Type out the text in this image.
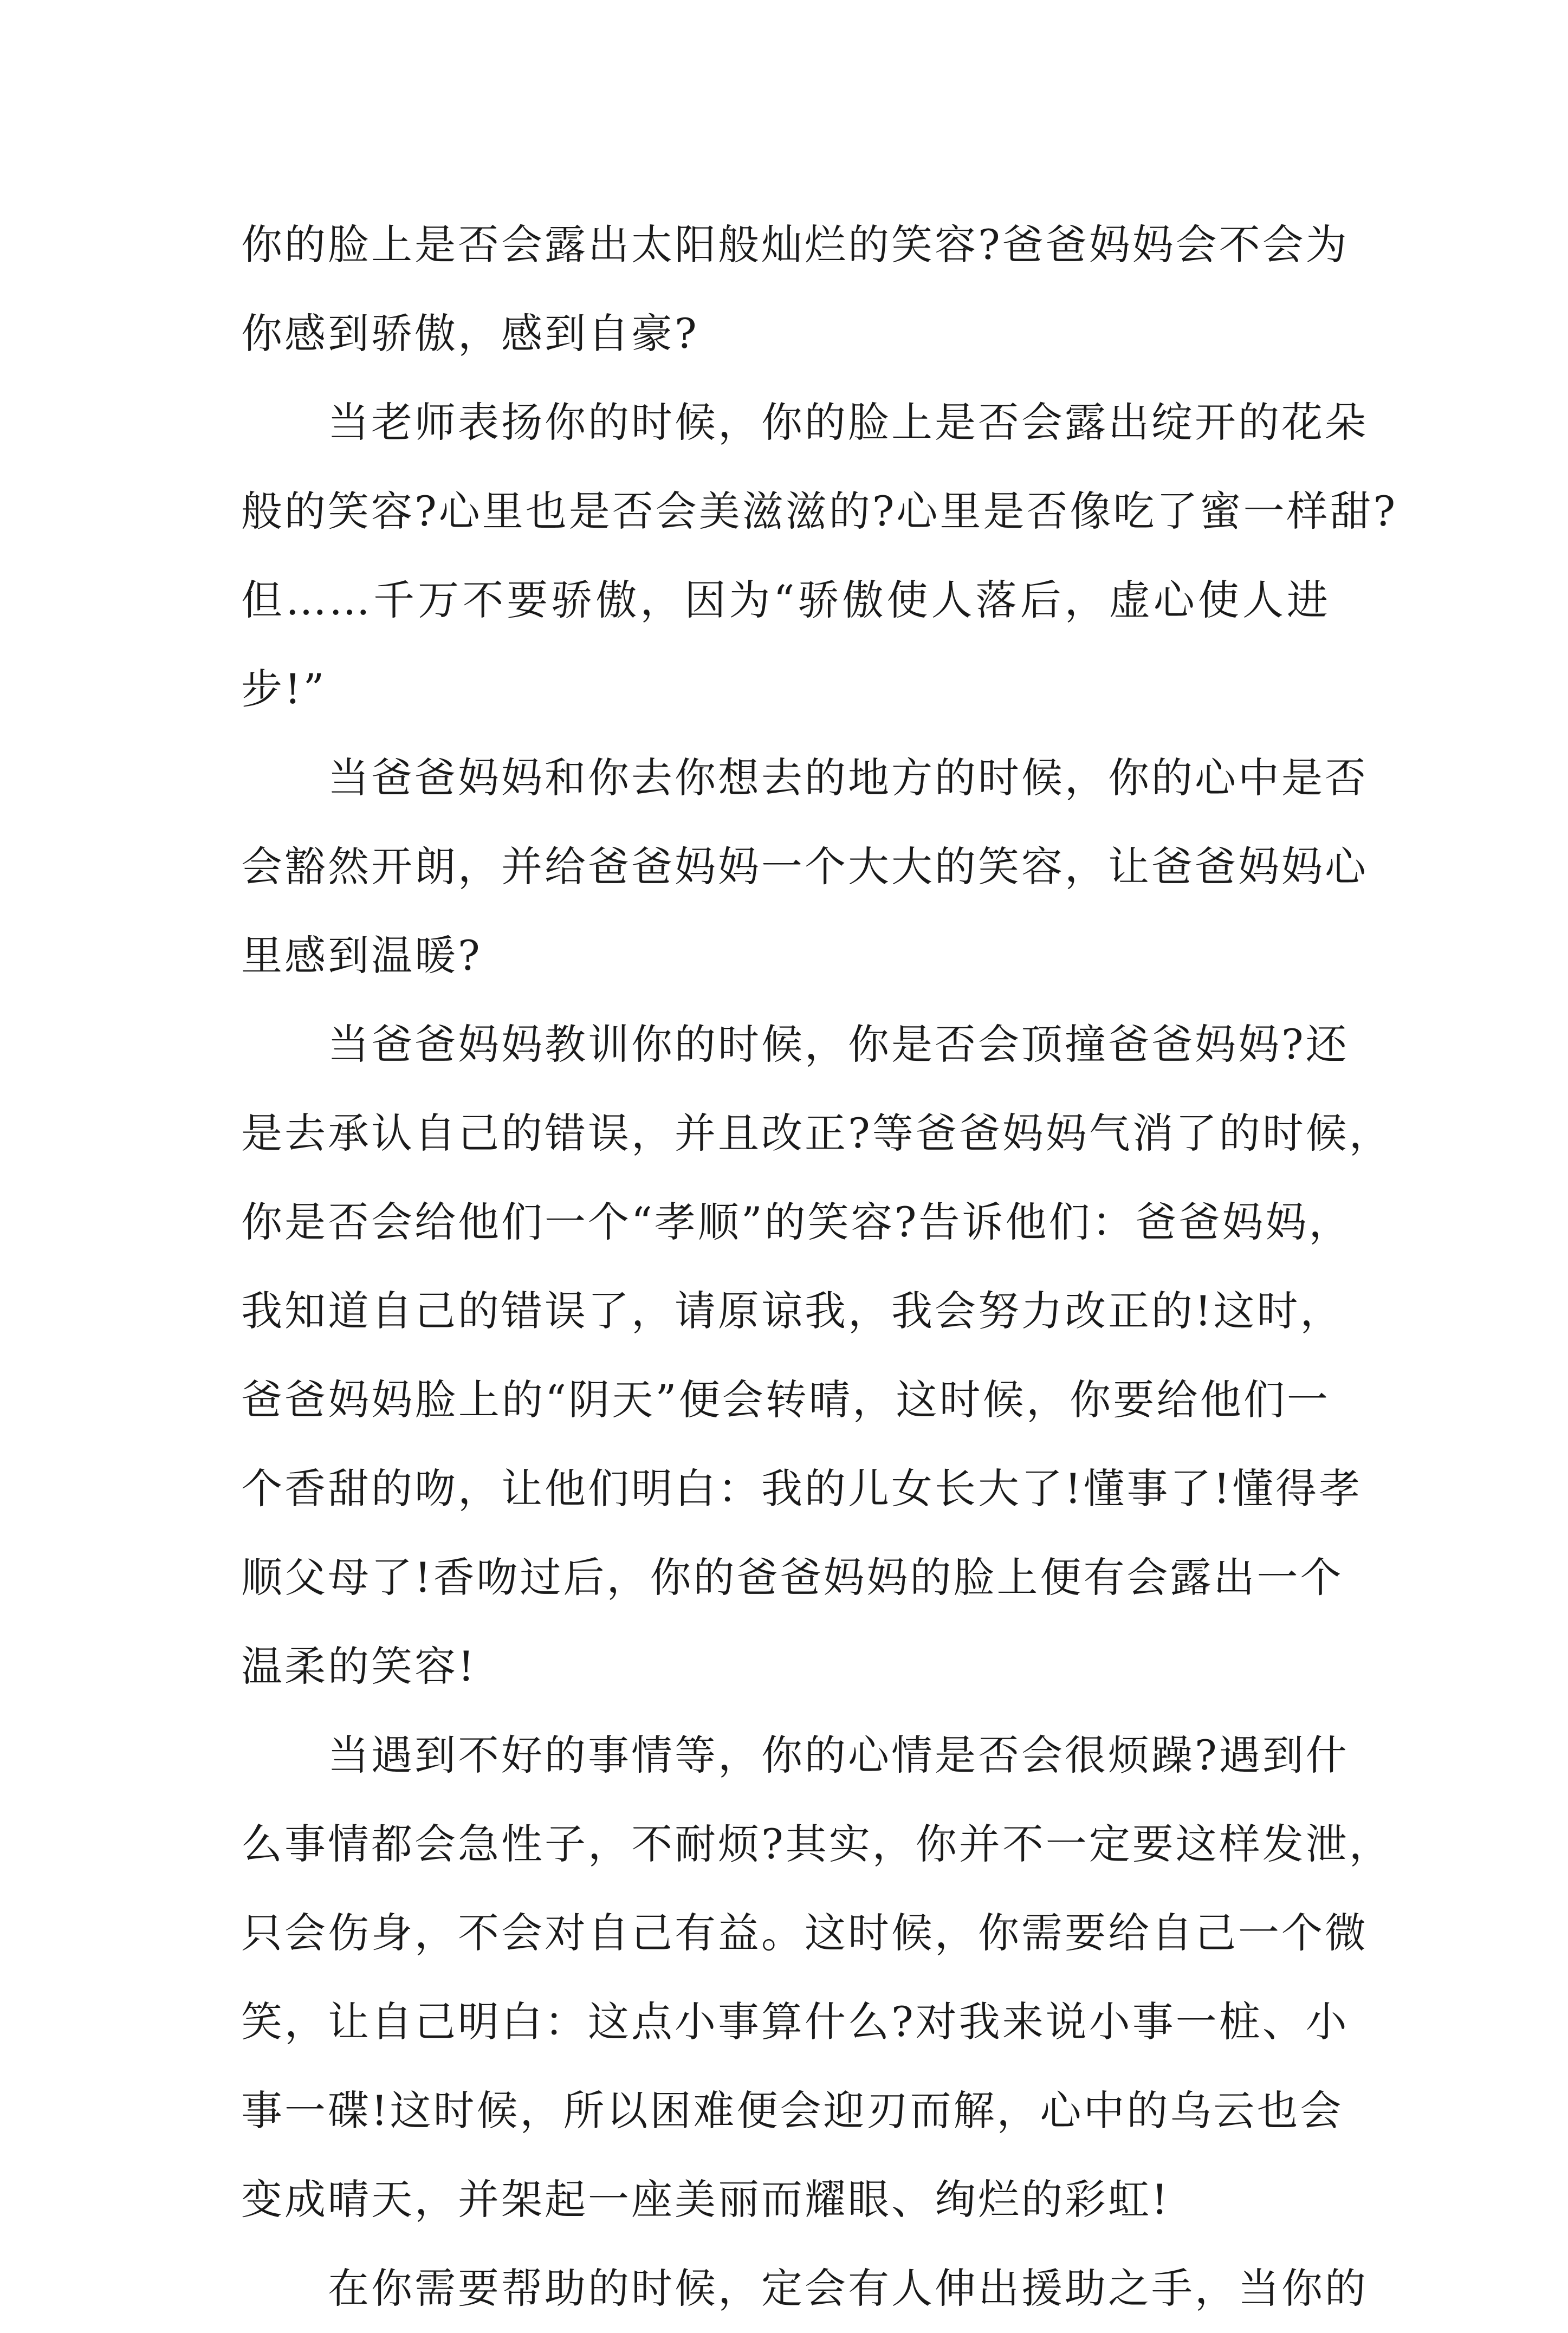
你的脸上是否会露出太阳般灿烂的笑容?爸爸妈妈会不会为
你感到骄傲，感到自豪?
当老师表扬你的时候，你的脸上是否会露出绽开的花朵
般的笑容?心里也是否会美滋滋的?心里是否像吃了蜜一样甜?
但……千万不要骄傲，因为“骄傲使人落后，虚心使人进
步!”
当爸爸妈妈和你去你想去的地方的时候，你的心中是否
会豁然开朗，并给爸爸妈妈一个大大的笑容，让爸爸妈妈心
里感到温暖?
当爸爸妈妈教训你的时候，你是否会顶撞爸爸妈妈?还
是去承认自己的错误，并且改正?等爸爸妈妈气消了的时候，
你是否会给他们一个“孝顺”的笑容?告诉他们：爸爸妈妈，
我知道自己的错误了，请原谅我，我会努力改正的!这时，
爸爸妈妈脸上的“阴天”便会转晴，这时候，你要给他们一
个香甜的吻，让他们明白：我的儿女长大了!懂事了!懂得孝
顺父母了!香吻过后，你的爸爸妈妈的脸上便有会露出一个
温柔的笑容!
当遇到不好的事情等，你的心情是否会很烦躁?遇到什
么事情都会急性子，不耐烦?其实，你并不一定要这样发泄，
只会伤身，不会对自己有益。这时候，你需要给自己一个微
笑，让自己明白：这点小事算什么?对我来说小事一桩、小
事一碟!这时候，所以困难便会迎刃而解，心中的乌云也会
变成晴天，并架起一座美丽而耀眼、绚烂的彩虹!
在你需要帮助的时候，定会有人伸出援助之手，当你的
